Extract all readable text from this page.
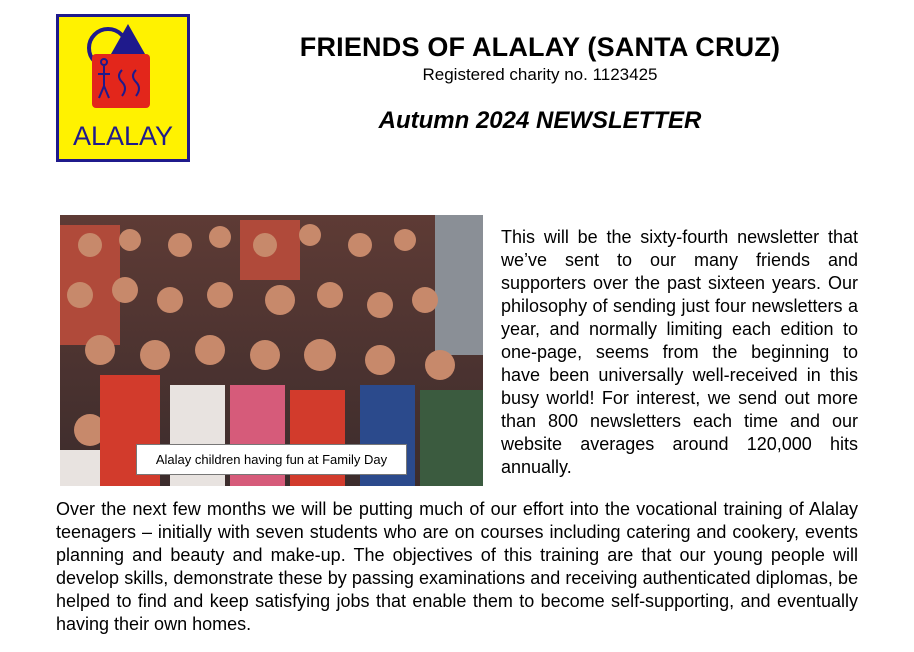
ALALAY

FRIENDS OF ALALAY (SANTA CRUZ)

Registered charity no. 1123425

Autumn 2024 NEWSLETTER
Alalay children having fun at Family Day

This will be the sixty-fourth newsletter that we’ve sent to our many friends and supporters over the past sixteen years. Our philosophy of sending just four newsletters a year, and normally limiting each edition to one-page, seems from the beginning to have been universally well-received in this busy world! For interest, we send out more than 800 newsletters each time and our website averages around 120,000 hits annually.

Over the next few months we will be putting much of our effort into the vocational training of Alalay teenagers – initially with seven students who are on courses including catering and cookery, events planning and beauty and make-up. The objectives of this training are that our young people will develop skills, demonstrate these by passing examinations and receiving authenticated diplomas, be helped to find and keep satisfying jobs that enable them to become self-supporting, and eventually having their own homes.
